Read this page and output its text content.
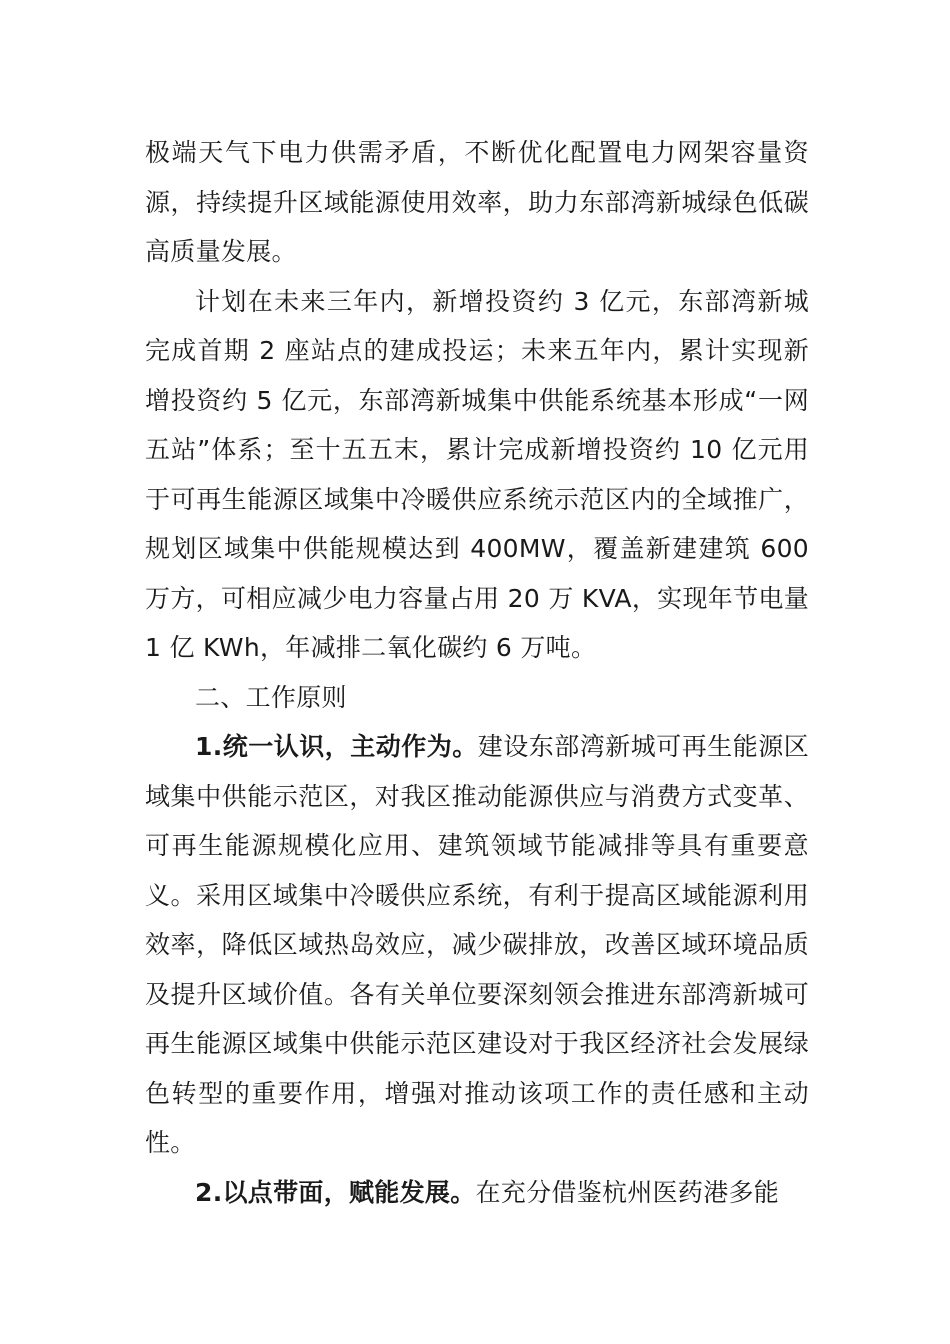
极端天气下电力供需矛盾，不断优化配置电力网架容量资源，持续提升区域能源使用效率，助力东部湾新城绿色低碳高质量发展。

计划在未来三年内，新增投资约 3 亿元，东部湾新城完成首期 2 座站点的建成投运；未来五年内，累计实现新增投资约 5 亿元，东部湾新城集中供能系统基本形成“一网五站”体系；至十五五末，累计完成新增投资约 10 亿元用于可再生能源区域集中冷暖供应系统示范区内的全域推广，规划区域集中供能规模达到 400MW，覆盖新建建筑 600 万方，可相应减少电力容量占用 20 万 KVA，实现年节电量 1 亿 KWh，年减排二氧化碳约 6 万吨。

二、工作原则

1.统一认识，主动作为。建设东部湾新城可再生能源区域集中供能示范区，对我区推动能源供应与消费方式变革、可再生能源规模化应用、建筑领域节能减排等具有重要意义。采用区域集中冷暖供应系统，有利于提高区域能源利用效率，降低区域热岛效应，减少碳排放，改善区域环境品质及提升区域价值。各有关单位要深刻领会推进东部湾新城可再生能源区域集中供能示范区建设对于我区经济社会发展绿色转型的重要作用，增强对推动该项工作的责任感和主动性。

2.以点带面，赋能发展。在充分借鉴杭州医药港多能
